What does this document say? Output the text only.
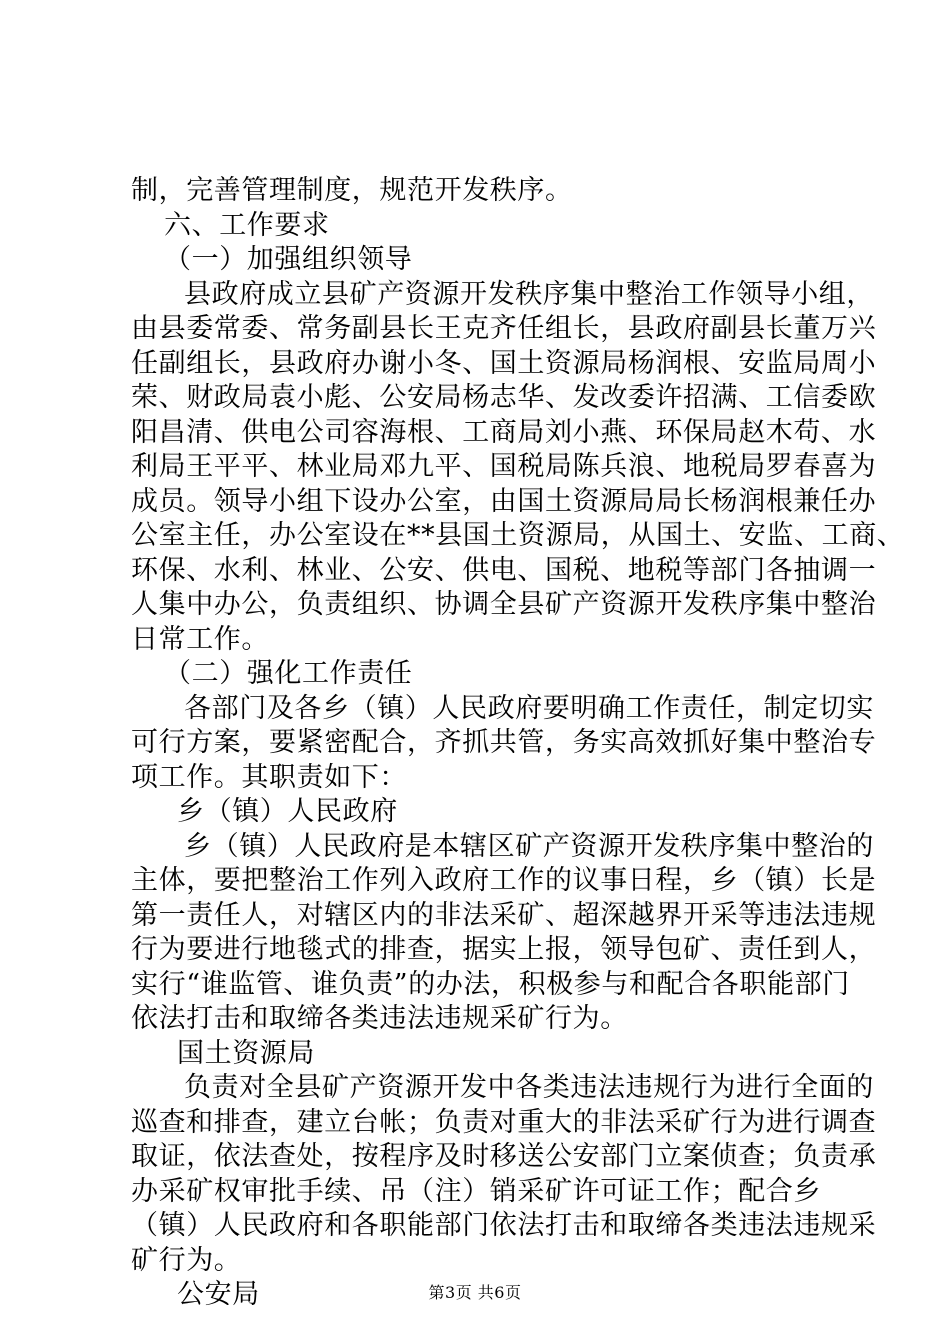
制，完善管理制度，规范开发秩序。
六、工作要求
（一）加强组织领导
县政府成立县矿产资源开发秩序集中整治工作领导小组，
由县委常委、常务副县长王克齐任组长，县政府副县长董万兴
任副组长，县政府办谢小冬、国土资源局杨润根、安监局周小
荣、财政局袁小彪、公安局杨志华、发改委许招满、工信委欧
阳昌清、供电公司容海根、工商局刘小燕、环保局赵木苟、水
利局王平平、林业局邓九平、国税局陈兵浪、地税局罗春喜为
成员。领导小组下设办公室，由国土资源局局长杨润根兼任办
公室主任，办公室设在**县国土资源局，从国土、安监、工商、
环保、水利、林业、公安、供电、国税、地税等部门各抽调一
人集中办公，负责组织、协调全县矿产资源开发秩序集中整治
日常工作。
（二）强化工作责任
各部门及各乡（镇）人民政府要明确工作责任，制定切实
可行方案，要紧密配合，齐抓共管，务实高效抓好集中整治专
项工作。其职责如下：
乡（镇）人民政府
乡（镇）人民政府是本辖区矿产资源开发秩序集中整治的
主体，要把整治工作列入政府工作的议事日程，乡（镇）长是
第一责任人，对辖区内的非法采矿、超深越界开采等违法违规
行为要进行地毯式的排查，据实上报，领导包矿、责任到人，
实行“谁监管、谁负责”的办法，积极参与和配合各职能部门
依法打击和取缔各类违法违规采矿行为。
国土资源局
负责对全县矿产资源开发中各类违法违规行为进行全面的
巡查和排查，建立台帐；负责对重大的非法采矿行为进行调查
取证，依法查处，按程序及时移送公安部门立案侦查；负责承
办采矿权审批手续、吊（注）销采矿许可证工作；配合乡
（镇）人民政府和各职能部门依法打击和取缔各类违法违规采
矿行为。
公安局	第3页 共6页
